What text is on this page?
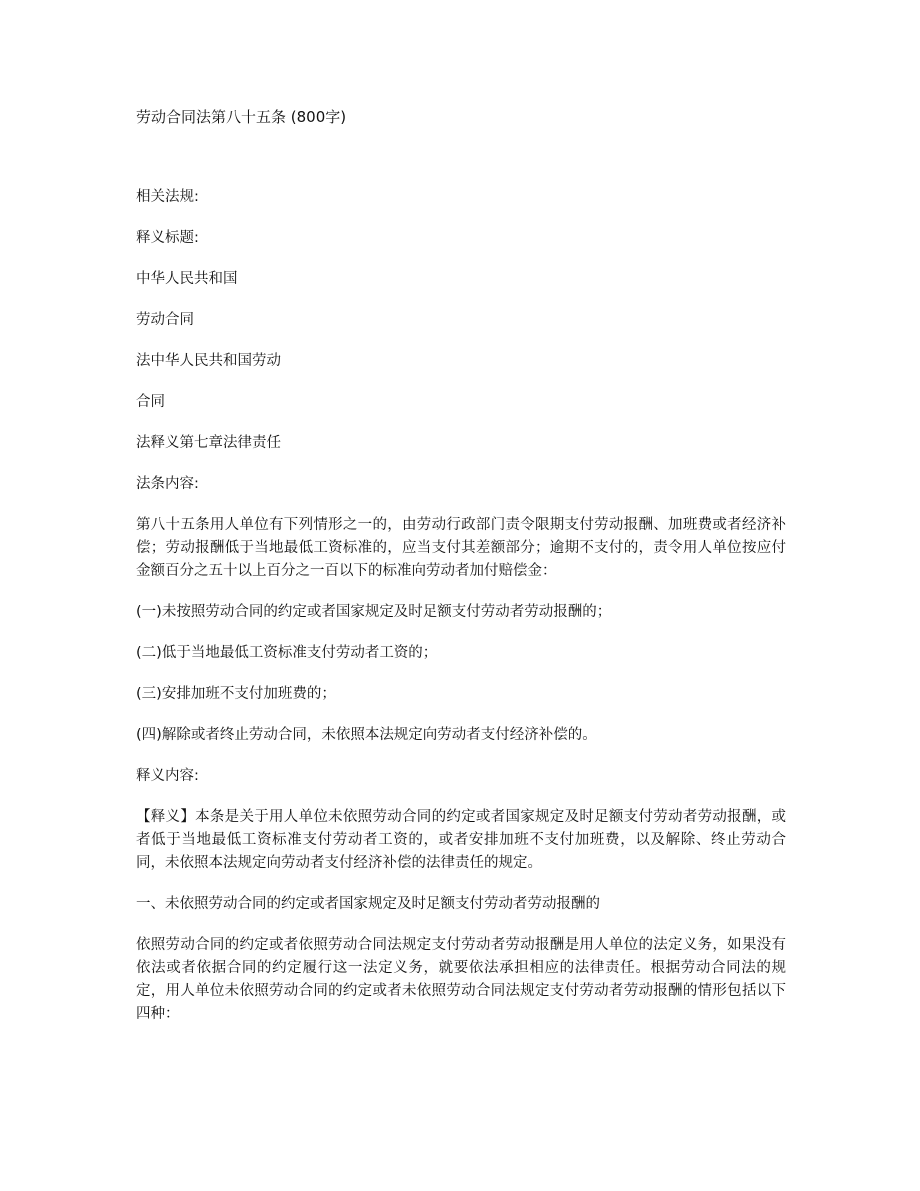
劳动合同法第八十五条 (800字)

相关法规:

释义标题:

中华人民共和国

劳动合同

法中华人民共和国劳动

合同

法释义第七章法律责任

法条内容:

第八十五条用人单位有下列情形之一的，由劳动行政部门责令限期支付劳动报酬、加班费或者经济补偿；劳动报酬低于当地最低工资标准的，应当支付其差额部分；逾期不支付的，责令用人单位按应付金额百分之五十以上百分之一百以下的标准向劳动者加付赔偿金：

(一)未按照劳动合同的约定或者国家规定及时足额支付劳动者劳动报酬的；

(二)低于当地最低工资标准支付劳动者工资的；

(三)安排加班不支付加班费的；

(四)解除或者终止劳动合同，未依照本法规定向劳动者支付经济补偿的。

释义内容:

【释义】本条是关于用人单位未依照劳动合同的约定或者国家规定及时足额支付劳动者劳动报酬，或者低于当地最低工资标准支付劳动者工资的，或者安排加班不支付加班费，以及解除、终止劳动合同，未依照本法规定向劳动者支付经济补偿的法律责任的规定。

一、未依照劳动合同的约定或者国家规定及时足额支付劳动者劳动报酬的

依照劳动合同的约定或者依照劳动合同法规定支付劳动者劳动报酬是用人单位的法定义务，如果没有依法或者依据合同的约定履行这一法定义务，就要依法承担相应的法律责任。根据劳动合同法的规定，用人单位未依照劳动合同的约定或者未依照劳动合同法规定支付劳动者劳动报酬的情形包括以下四种：
